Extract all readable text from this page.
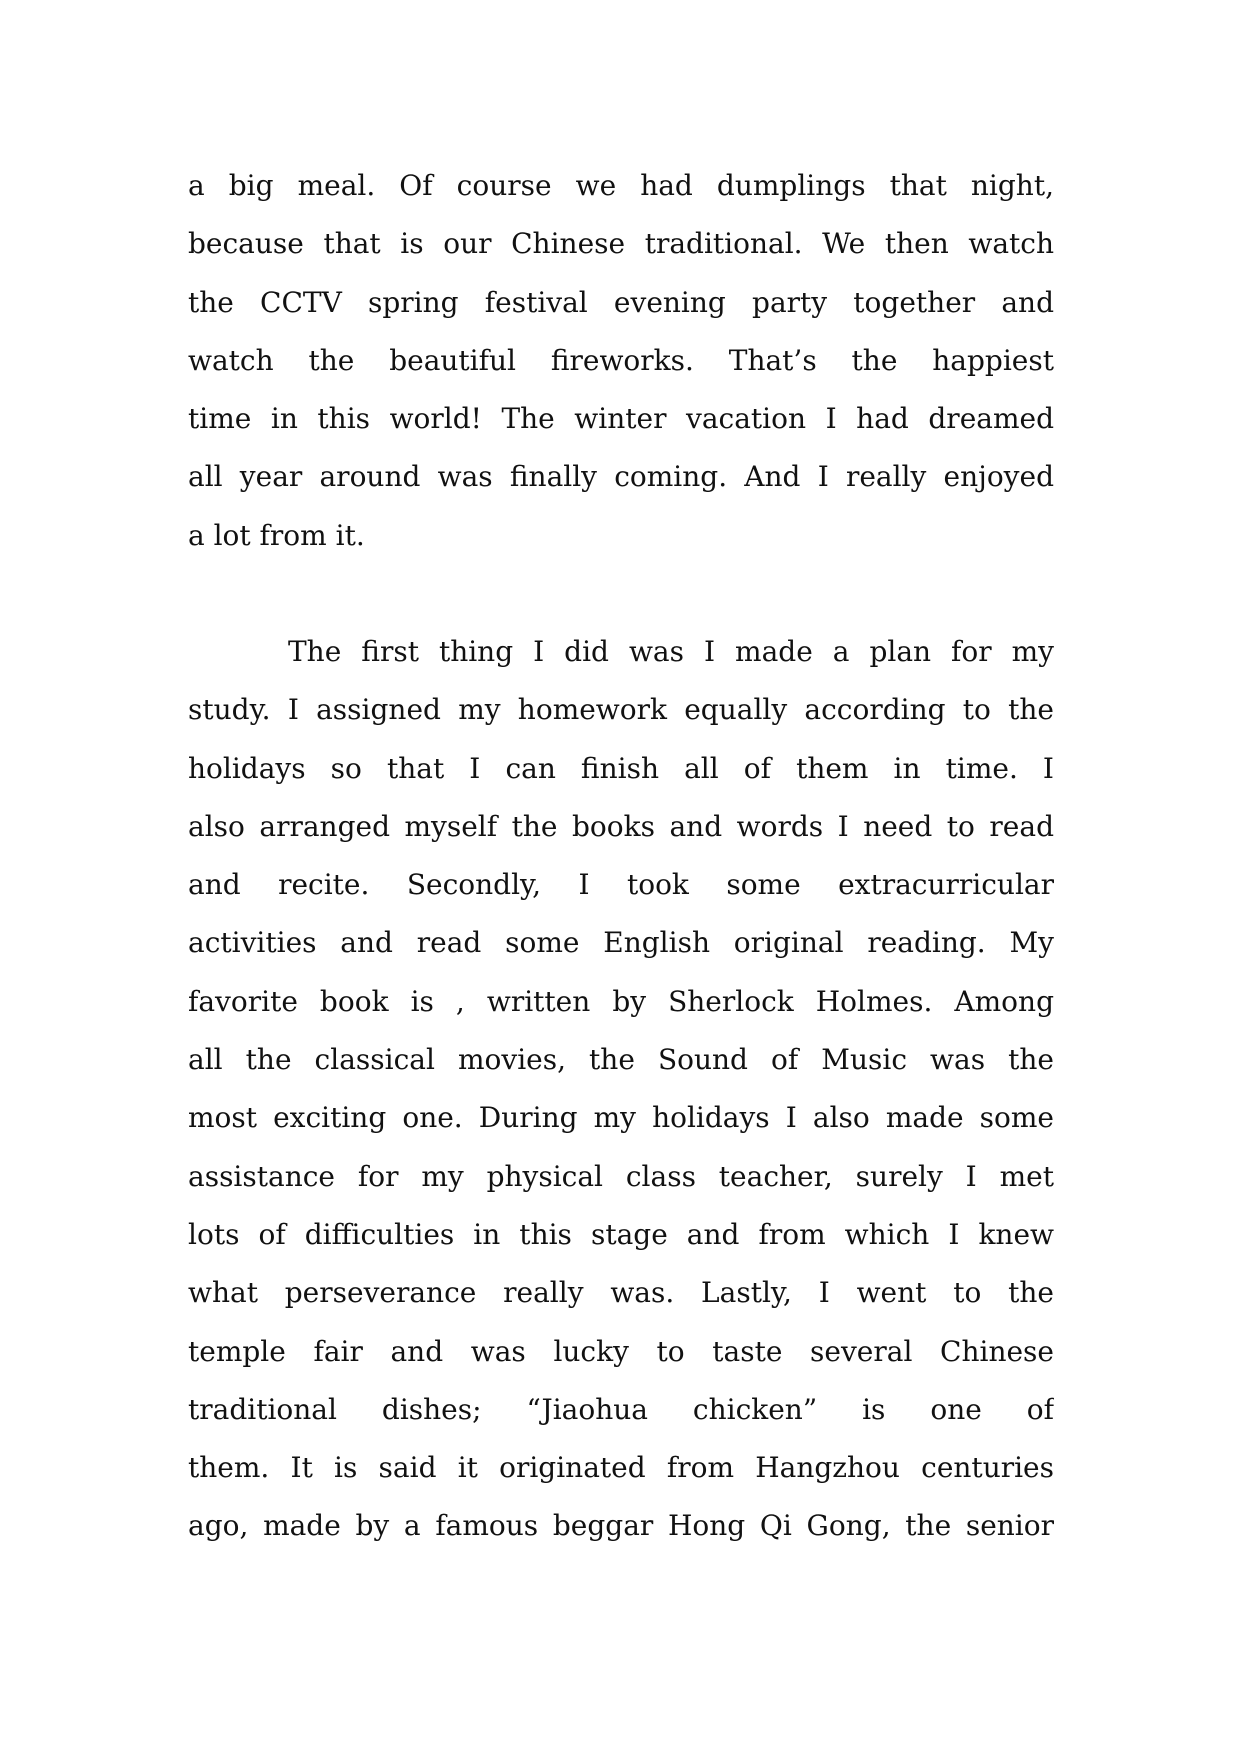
a big meal. Of course we had dumplings that night,
because that is our Chinese traditional. We then watch
the CCTV spring festival evening party together and
watch the beautiful fireworks. That’s the happiest
time in this world! The winter vacation I had dreamed
all year around was finally coming. And I really enjoyed
a lot from it.
The first thing I did was I made a plan for my
study. I assigned my homework equally according to the
holidays so that I can finish all of them in time. I
also arranged myself the books and words I need to read
and recite. Secondly, I took some extracurricular
activities and read some English original reading. My
favorite book is , written by Sherlock Holmes. Among
all the classical movies, the Sound of Music was the
most exciting one. During my holidays I also made some
assistance for my physical class teacher, surely I met
lots of difficulties in this stage and from which I knew
what perseverance really was. Lastly, I went to the
temple fair and was lucky to taste several Chinese
traditional dishes; “Jiaohua chicken” is one of
them. It is said it originated from Hangzhou centuries
ago, made by a famous beggar Hong Qi Gong, the senior
